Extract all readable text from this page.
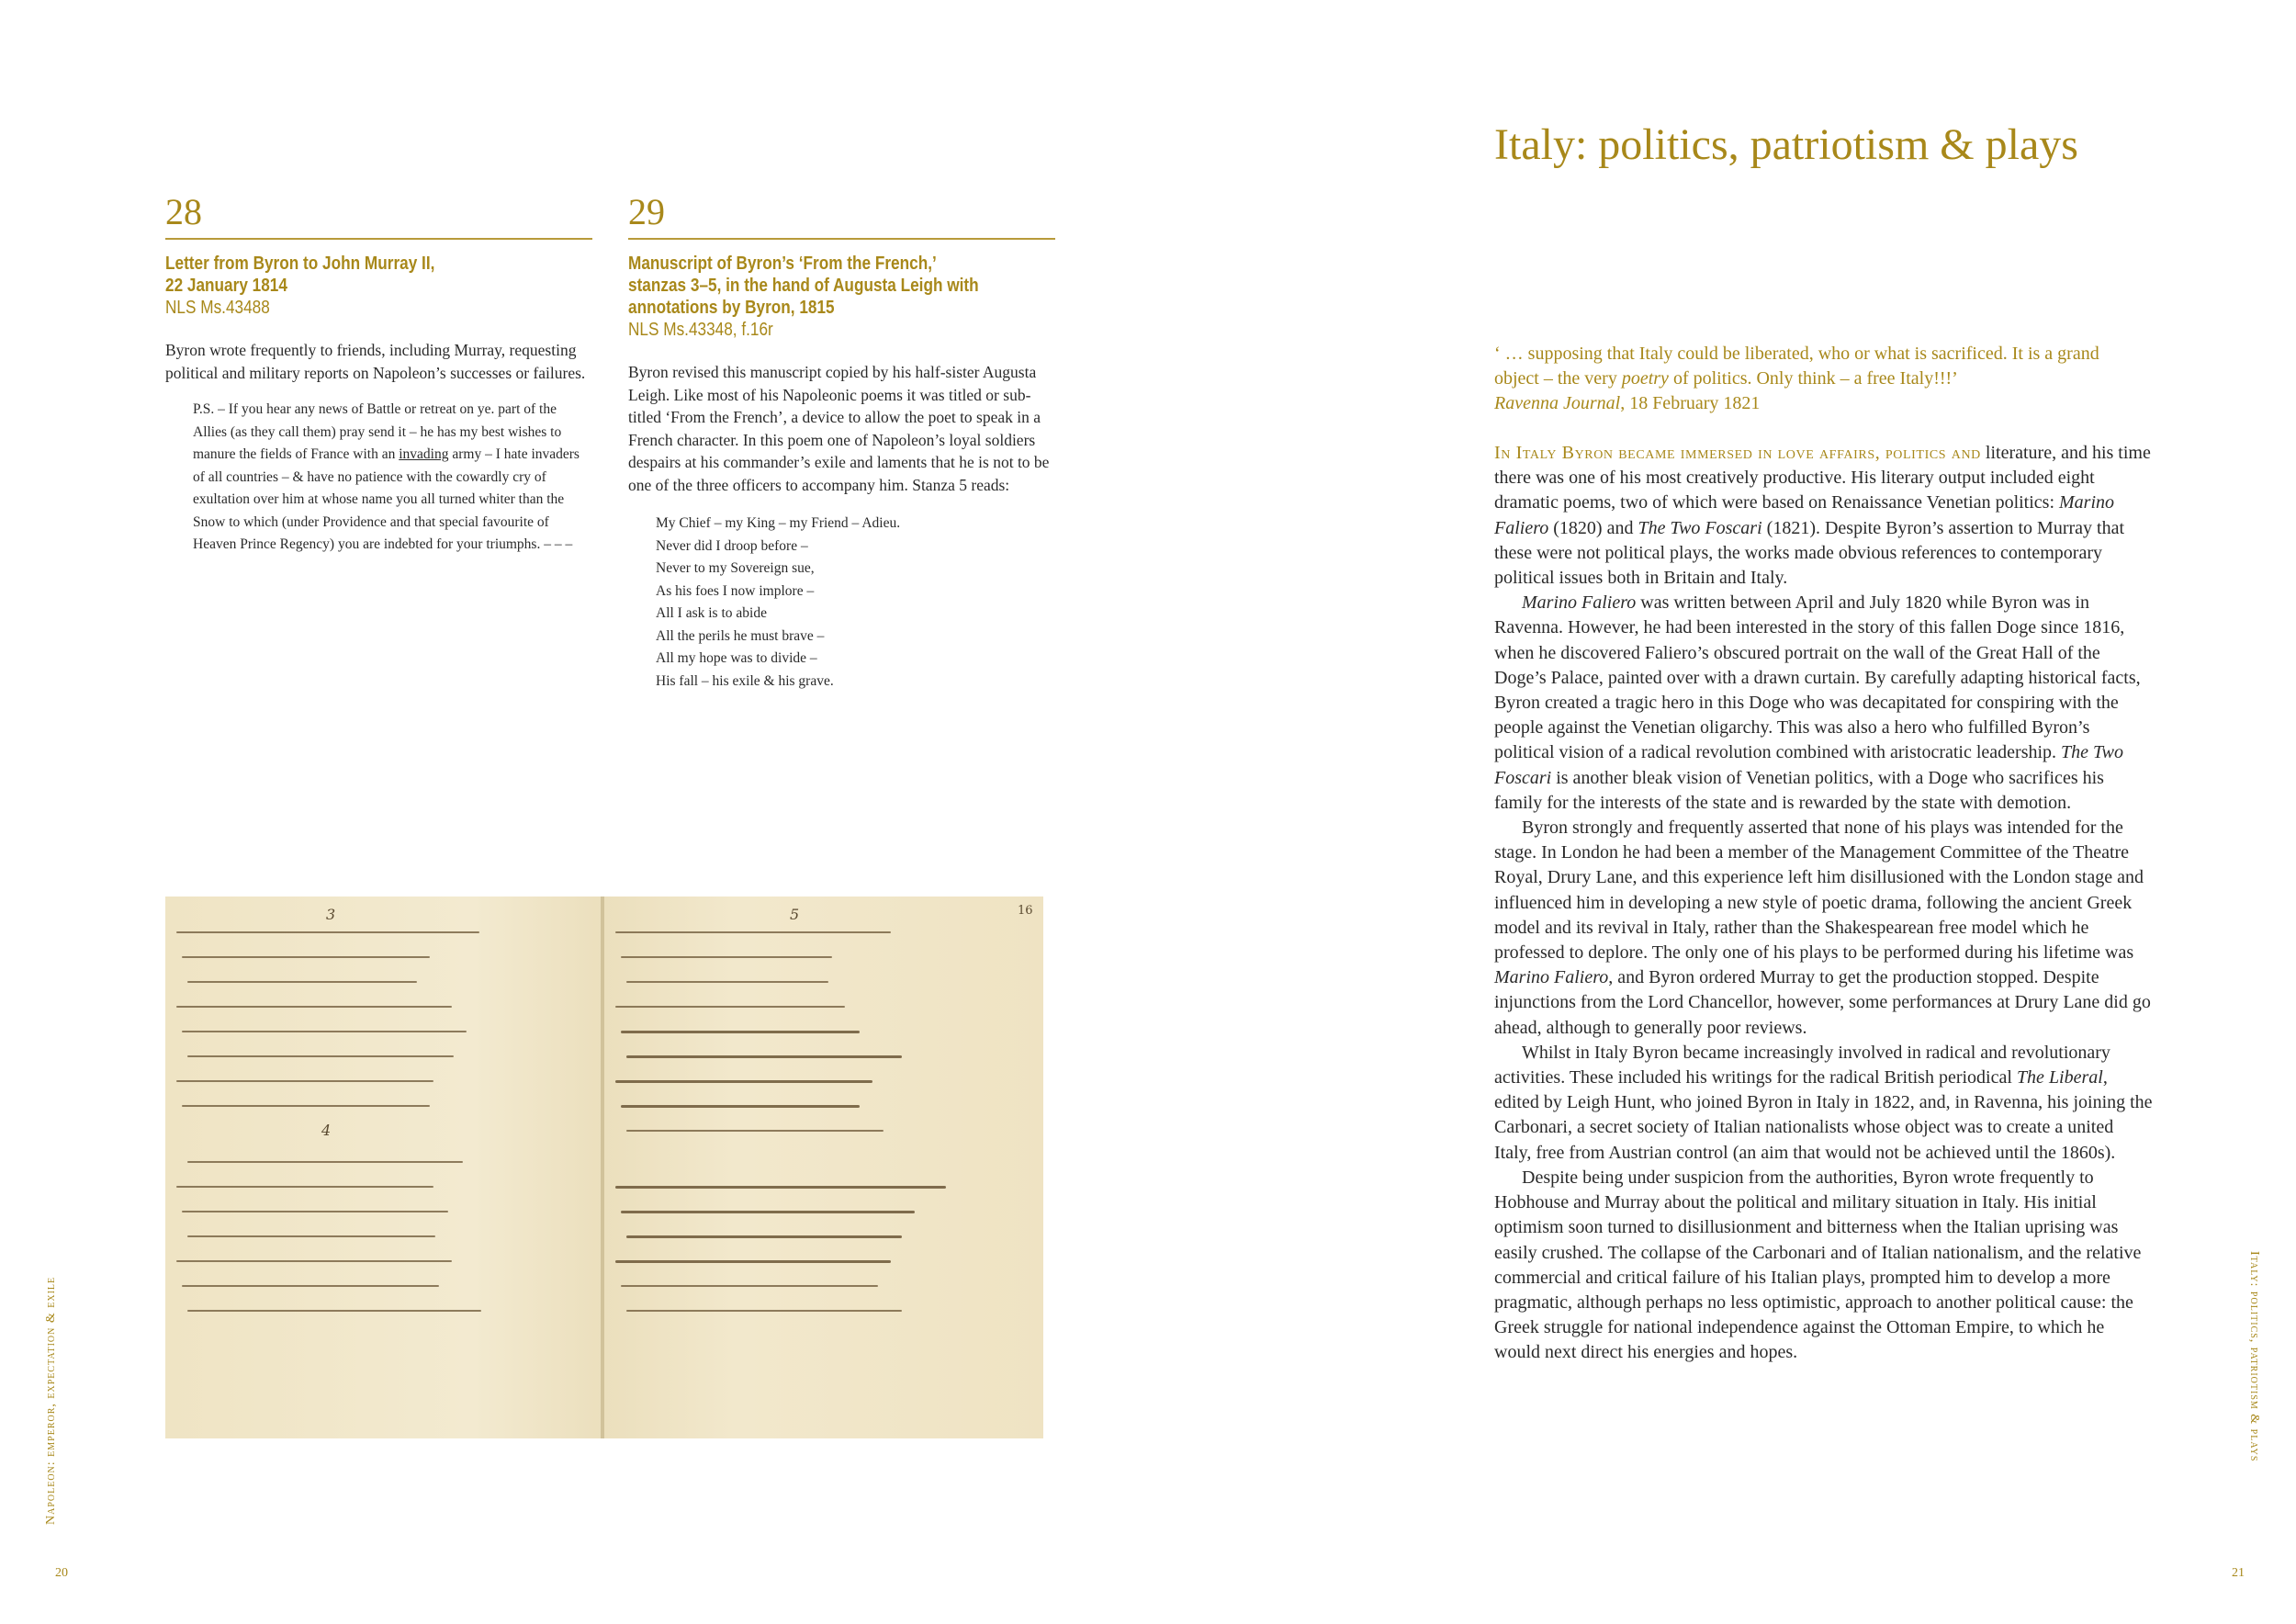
28
Letter from Byron to John Murray II,
22 January 1814
NLS Ms.43488
Byron wrote frequently to friends, including Murray, requesting political and military reports on Napoleon’s successes or failures.
P.S. – If you hear any news of Battle or retreat on ye. part of the Allies (as they call them) pray send it – he has my best wishes to manure the fields of France with an invading army – I hate invaders of all countries – & have no patience with the cowardly cry of exultation over him at whose name you all turned whiter than the Snow to which (under Providence and that special favourite of Heaven Prince Regency) you are indebted for your triumphs. – – –
29
Manuscript of Byron’s ‘From the French,’
stanzas 3–5, in the hand of Augusta Leigh with
annotations by Byron, 1815
NLS Ms.43348, f.16r
Byron revised this manuscript copied by his half-sister Augusta Leigh. Like most of his Napoleonic poems it was titled or sub-titled ‘From the French’, a device to allow the poet to speak in a French character. In this poem one of Napoleon’s loyal soldiers despairs at his commander’s exile and laments that he is not to be one of the three officers to accompany him. Stanza 5 reads:
My Chief – my King – my Friend – Adieu.
Never did I droop before –
Never to my Sovereign sue,
As his foes I now implore –
All I ask is to abide
All the perils he must brave –
All my hope was to divide –
His fall – his exile & his grave.
3
4
5	16
Italy: politics, patriotism & plays
‘ … supposing that Italy could be liberated, who or what is sacrificed. It is a grand object – the very poetry of politics. Only think – a free Italy!!!’
Ravenna Journal, 18 February 1821

In Italy Byron became immersed in love affairs, politics and literature, and his time there was one of his most creatively productive. His literary output included eight dramatic poems, two of which were based on Renaissance Venetian politics: Marino Faliero (1820) and The Two Foscari (1821). Despite Byron’s assertion to Murray that these were not political plays, the works made obvious references to contemporary political issues both in Britain and Italy.

Marino Faliero was written between April and July 1820 while Byron was in Ravenna. However, he had been interested in the story of this fallen Doge since 1816, when he discovered Faliero’s obscured portrait on the wall of the Great Hall of the Doge’s Palace, painted over with a drawn curtain. By carefully adapting historical facts, Byron created a tragic hero in this Doge who was decapitated for conspiring with the people against the Venetian oligarchy. This was also a hero who fulfilled Byron’s political vision of a radical revolution combined with aristocratic leadership. The Two Foscari is another bleak vision of Venetian politics, with a Doge who sacrifices his family for the interests of the state and is rewarded by the state with demotion.

Byron strongly and frequently asserted that none of his plays was intended for the stage. In London he had been a member of the Management Committee of the Theatre Royal, Drury Lane, and this experience left him disillusioned with the London stage and influenced him in developing a new style of poetic drama, following the ancient Greek model and its revival in Italy, rather than the Shakespearean free model which he professed to deplore. The only one of his plays to be performed during his lifetime was Marino Faliero, and Byron ordered Murray to get the production stopped. Despite injunctions from the Lord Chancellor, however, some performances at Drury Lane did go ahead, although to generally poor reviews.

Whilst in Italy Byron became increasingly involved in radical and revolutionary activities. These included his writings for the radical British periodical The Liberal, edited by Leigh Hunt, who joined Byron in Italy in 1822, and, in Ravenna, his joining the Carbonari, a secret society of Italian nationalists whose object was to create a united Italy, free from Austrian control (an aim that would not be achieved until the 1860s).

Despite being under suspicion from the authorities, Byron wrote frequently to Hobhouse and Murray about the political and military situation in Italy. His initial optimism soon turned to disillusionment and bitterness when the Italian uprising was easily crushed. The collapse of the Carbonari and of Italian nationalism, and the relative commercial and critical failure of his Italian plays, prompted him to develop a more pragmatic, although perhaps no less optimistic, approach to another political cause: the Greek struggle for national independence against the Ottoman Empire, to which he would next direct his energies and hopes.

Napoleon: emperor, expectation & exile	Italy: politics, patriotism & plays
20	21
